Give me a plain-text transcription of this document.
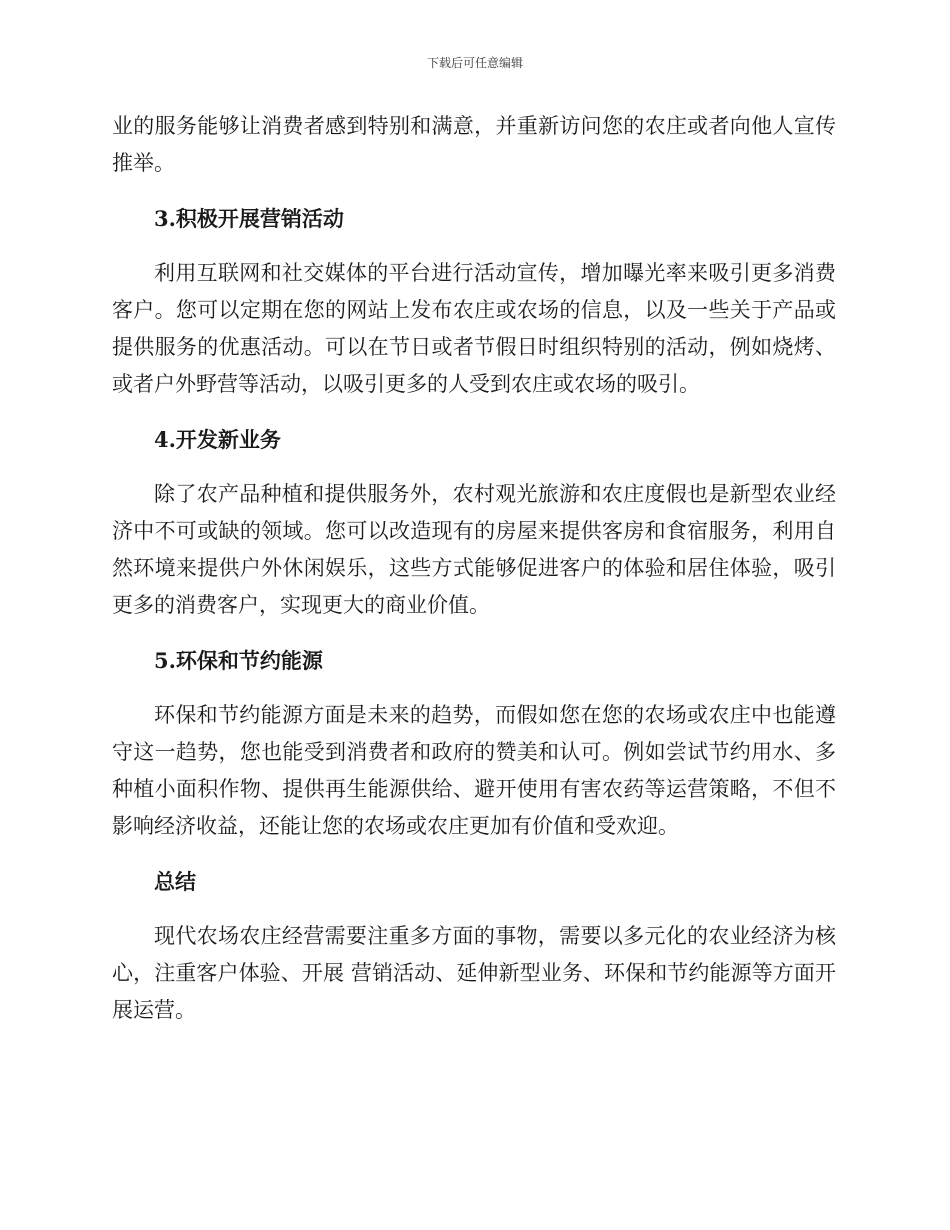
下载后可任意编辑

业的服务能够让消费者感到特别和满意，并重新访问您的农庄或者向他人宣传推举。

3.积极开展营销活动

利用互联网和社交媒体的平台进行活动宣传，增加曝光率来吸引更多消费客户。您可以定期在您的网站上发布农庄或农场的信息，以及一些关于产品或提供服务的优惠活动。可以在节日或者节假日时组织特别的活动，例如烧烤、或者户外野营等活动，以吸引更多的人受到农庄或农场的吸引。

4.开发新业务

除了农产品种植和提供服务外，农村观光旅游和农庄度假也是新型农业经济中不可或缺的领域。您可以改造现有的房屋来提供客房和食宿服务，利用自然环境来提供户外休闲娱乐，这些方式能够促进客户的体验和居住体验，吸引更多的消费客户，实现更大的商业价值。

5.环保和节约能源

环保和节约能源方面是未来的趋势，而假如您在您的农场或农庄中也能遵守这一趋势，您也能受到消费者和政府的赞美和认可。例如尝试节约用水、多种植小面积作物、提供再生能源供给、避开使用有害农药等运营策略，不但不影响经济收益，还能让您的农场或农庄更加有价值和受欢迎。

总结

现代农场农庄经营需要注重多方面的事物，需要以多元化的农业经济为核心，注重客户体验、开展 营销活动、延伸新型业务、环保和节约能源等方面开展运营。
